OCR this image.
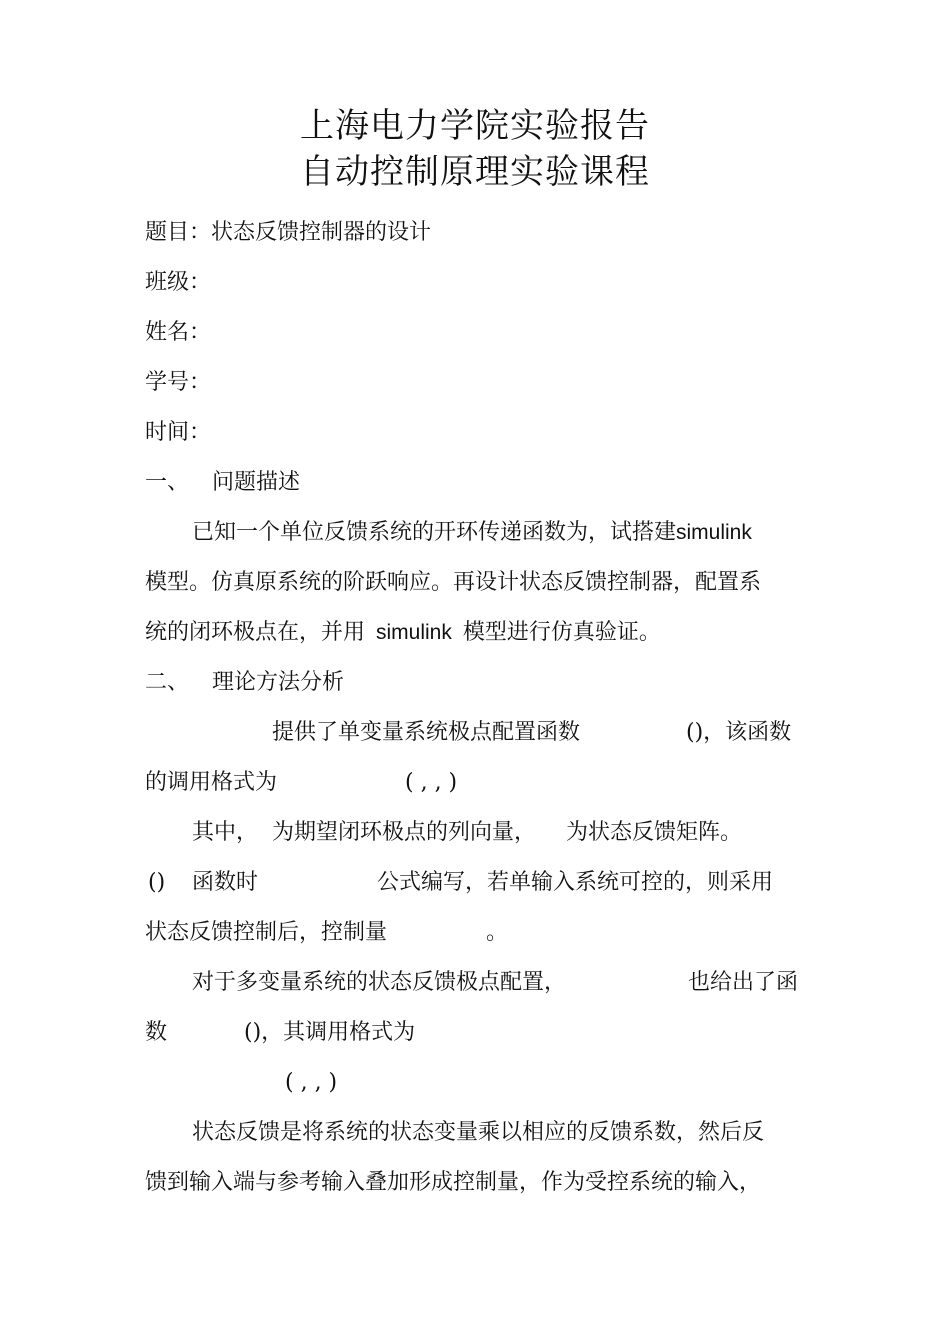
上海电力学院实验报告
自动控制原理实验课程
题目：状态反馈控制器的设计
班级：
姓名：
学号：
时间：
一、 问题描述
已知一个单位反馈系统的开环传递函数为，试搭建simulink
模型。仿真原系统的阶跃响应。再设计状态反馈控制器，配置系
统的闭环极点在，并用 simulink 模型进行仿真验证。
二、 理论方法分析
提供了单变量系统极点配置函数	()，该函数
的调用格式为	( , , )
其中， 为期望闭环极点的列向量， 为状态反馈矩阵。
() 函数时	公式编写，若单输入系统可控的，则采用
状态反馈控制后，控制量	。
对于多变量系统的状态反馈极点配置，	也给出了函
数	()，其调用格式为
( , , )
状态反馈是将系统的状态变量乘以相应的反馈系数，然后反
馈到输入端与参考输入叠加形成控制量，作为受控系统的输入，
